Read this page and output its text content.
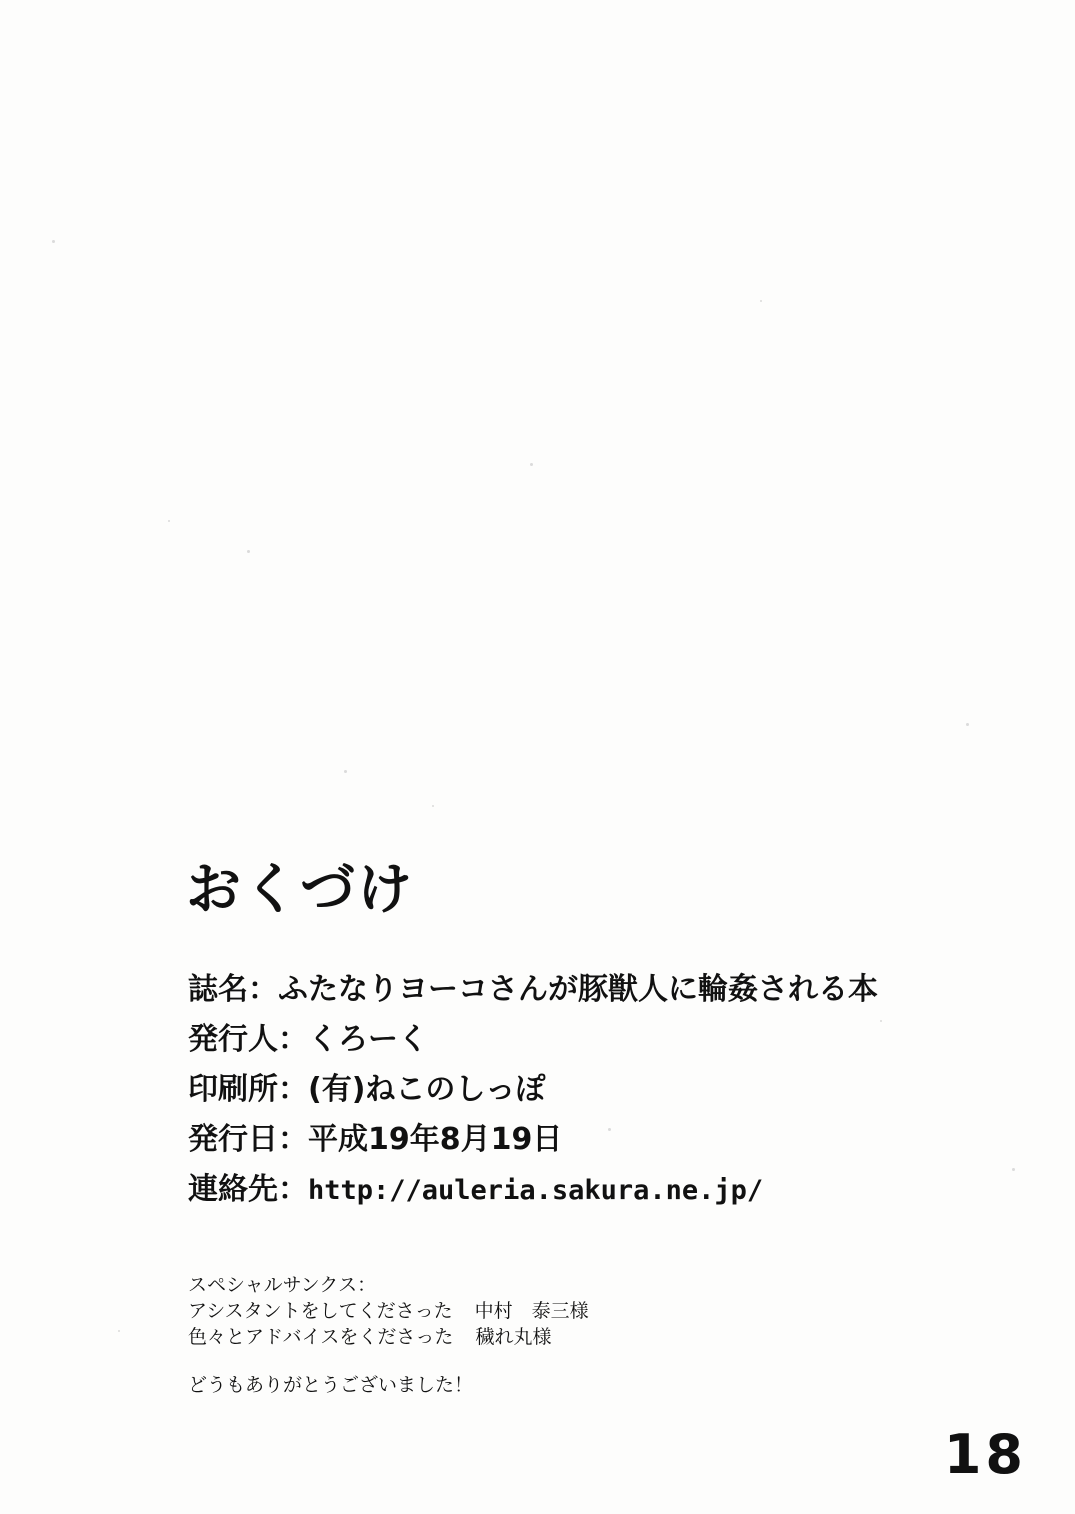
おくづけ
誌名：ふたなりヨーコさんが豚獣人に輪姦される本
発行人：くろーく
印刷所：(有)ねこのしっぽ
発行日：平成19年8月19日
連絡先：http://auleria.sakura.ne.jp/
スペシャルサンクス：
アシスタントをしてくださった 中村　泰三様
色々とアドバイスをくださった 穢れ丸様
どうもありがとうございました！
18
